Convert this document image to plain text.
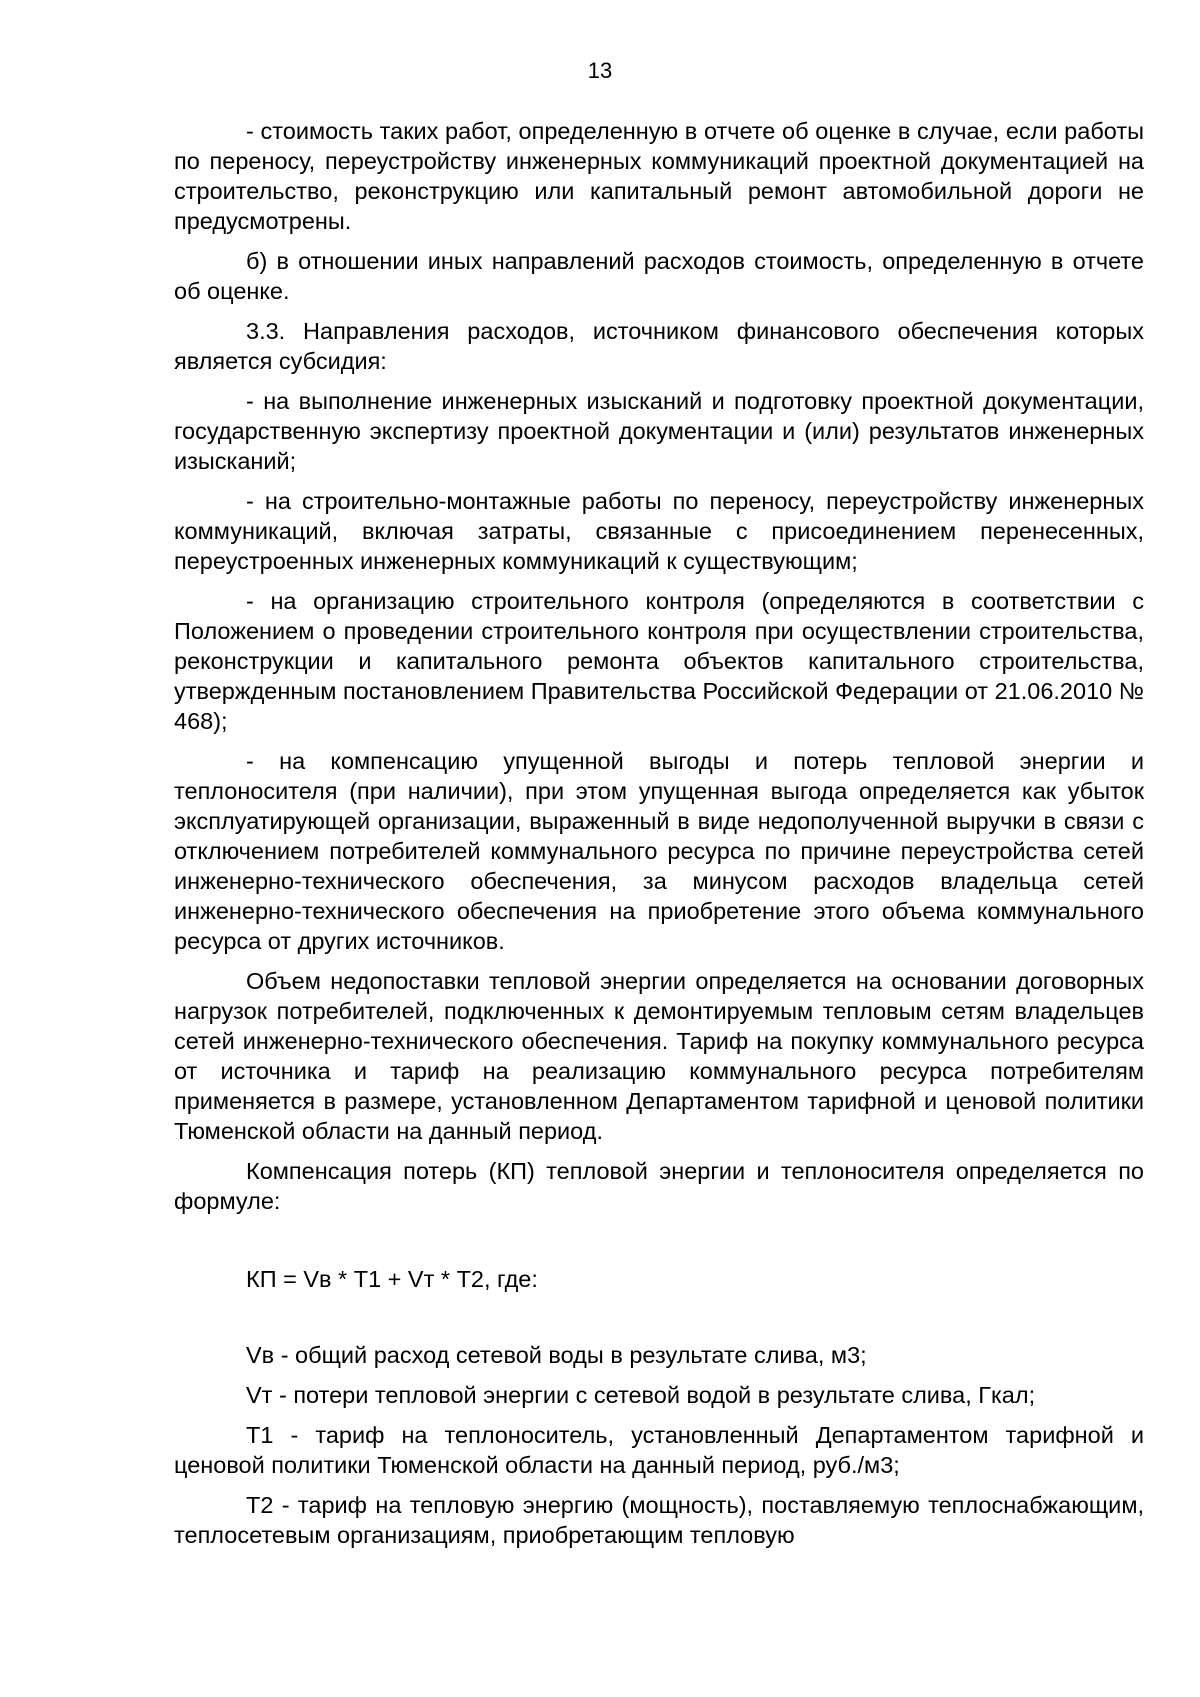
13

- стоимость таких работ, определенную в отчете об оценке в случае, если работы по переносу, переустройству инженерных коммуникаций проектной документацией на строительство, реконструкцию или капитальный ремонт автомобильной дороги не предусмотрены.

б) в отношении иных направлений расходов стоимость, определенную в отчете об оценке.

3.3. Направления расходов, источником финансового обеспечения которых является субсидия:

- на выполнение инженерных изысканий и подготовку проектной документации, государственную экспертизу проектной документации и (или) результатов инженерных изысканий;

- на строительно-монтажные работы по переносу, переустройству инженерных коммуникаций, включая затраты, связанные с присоединением перенесенных, переустроенных инженерных коммуникаций к существующим;

- на организацию строительного контроля (определяются в соответствии с Положением о проведении строительного контроля при осуществлении строительства, реконструкции и капитального ремонта объектов капитального строительства, утвержденным постановлением Правительства Российской Федерации от 21.06.2010 № 468);

- на компенсацию упущенной выгоды и потерь тепловой энергии и теплоносителя (при наличии), при этом упущенная выгода определяется как убыток эксплуатирующей организации, выраженный в виде недополученной выручки в связи с отключением потребителей коммунального ресурса по причине переустройства сетей инженерно-технического обеспечения, за минусом расходов владельца сетей инженерно-технического обеспечения на приобретение этого объема коммунального ресурса от других источников.

Объем недопоставки тепловой энергии определяется на основании договорных нагрузок потребителей, подключенных к демонтируемым тепловым сетям владельцев сетей инженерно-технического обеспечения. Тариф на покупку коммунального ресурса от источника и тариф на реализацию коммунального ресурса потребителям применяется в размере, установленном Департаментом тарифной и ценовой политики Тюменской области на данный период.

Компенсация потерь (КП) тепловой энергии и теплоносителя определяется по формуле:

КП = Vв * Т1 + Vт * Т2, где:

Vв - общий расход сетевой воды в результате слива, м3;

Vт - потери тепловой энергии с сетевой водой в результате слива, Гкал;

Т1 - тариф на теплоноситель, установленный Департаментом тарифной и ценовой политики Тюменской области на данный период, руб./м3;

Т2 - тариф на тепловую энергию (мощность), поставляемую теплоснабжающим, теплосетевым организациям, приобретающим тепловую
